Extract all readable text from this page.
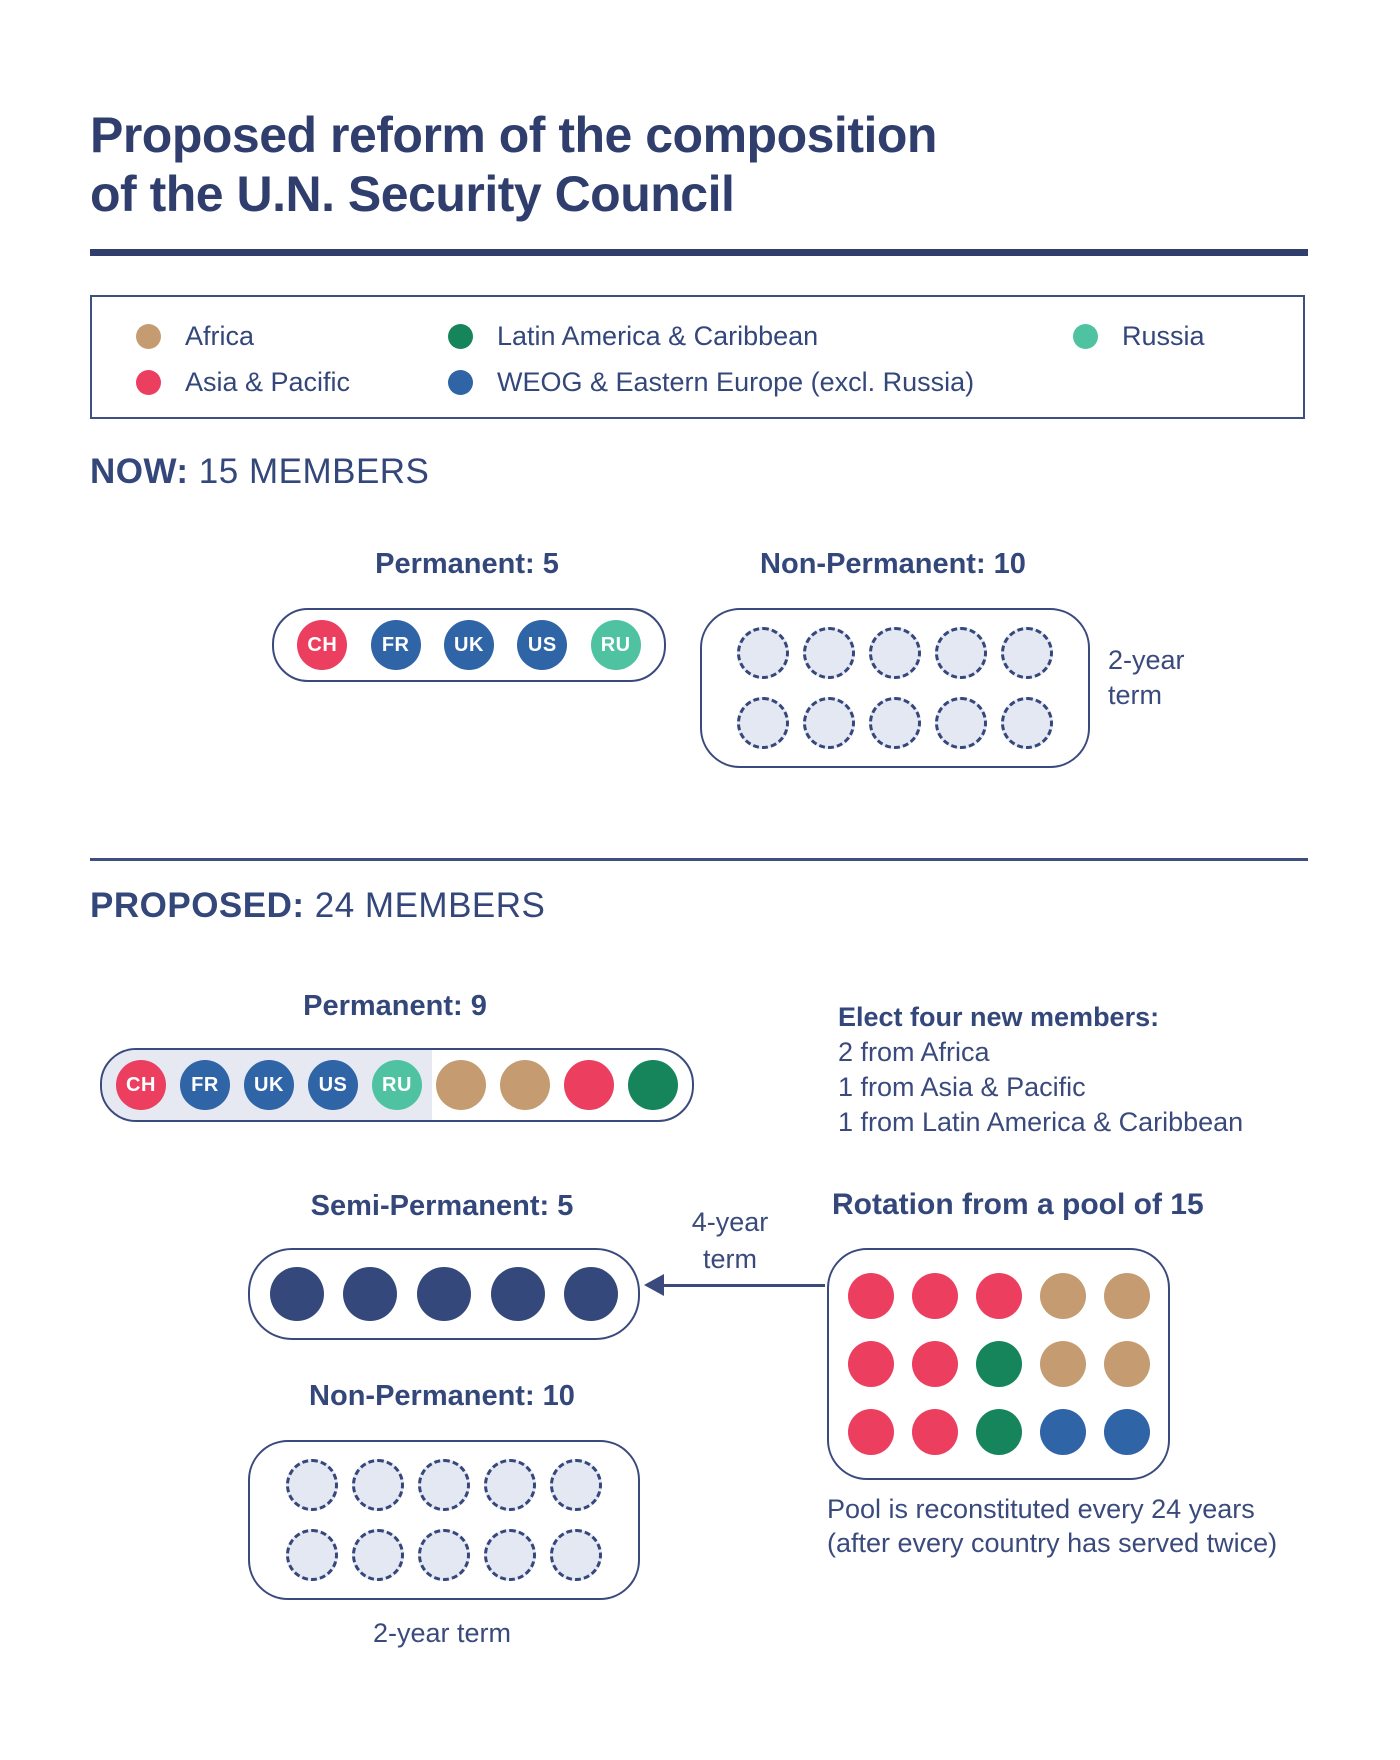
Proposed reform of the composition
of the U.N. Security Council
Africa
Asia & Pacific
Latin America & Caribbean
WEOG & Eastern Europe (excl. Russia)
Russia
NOW: 15 MEMBERS
Permanent: 5
CH	FR	UK	US	RU
Non-Permanent: 10
2-year
term
PROPOSED: 24 MEMBERS
Permanent: 9
CH	FR	UK	US	RU
Elect four new members:
2 from Africa
1 from Asia & Pacific
1 from Latin America & Caribbean
Semi-Permanent: 5	4-year
term
Rotation from a pool of 15
Pool is reconstituted every 24 years
(after every country has served twice)
Non-Permanent: 10
2-year term
